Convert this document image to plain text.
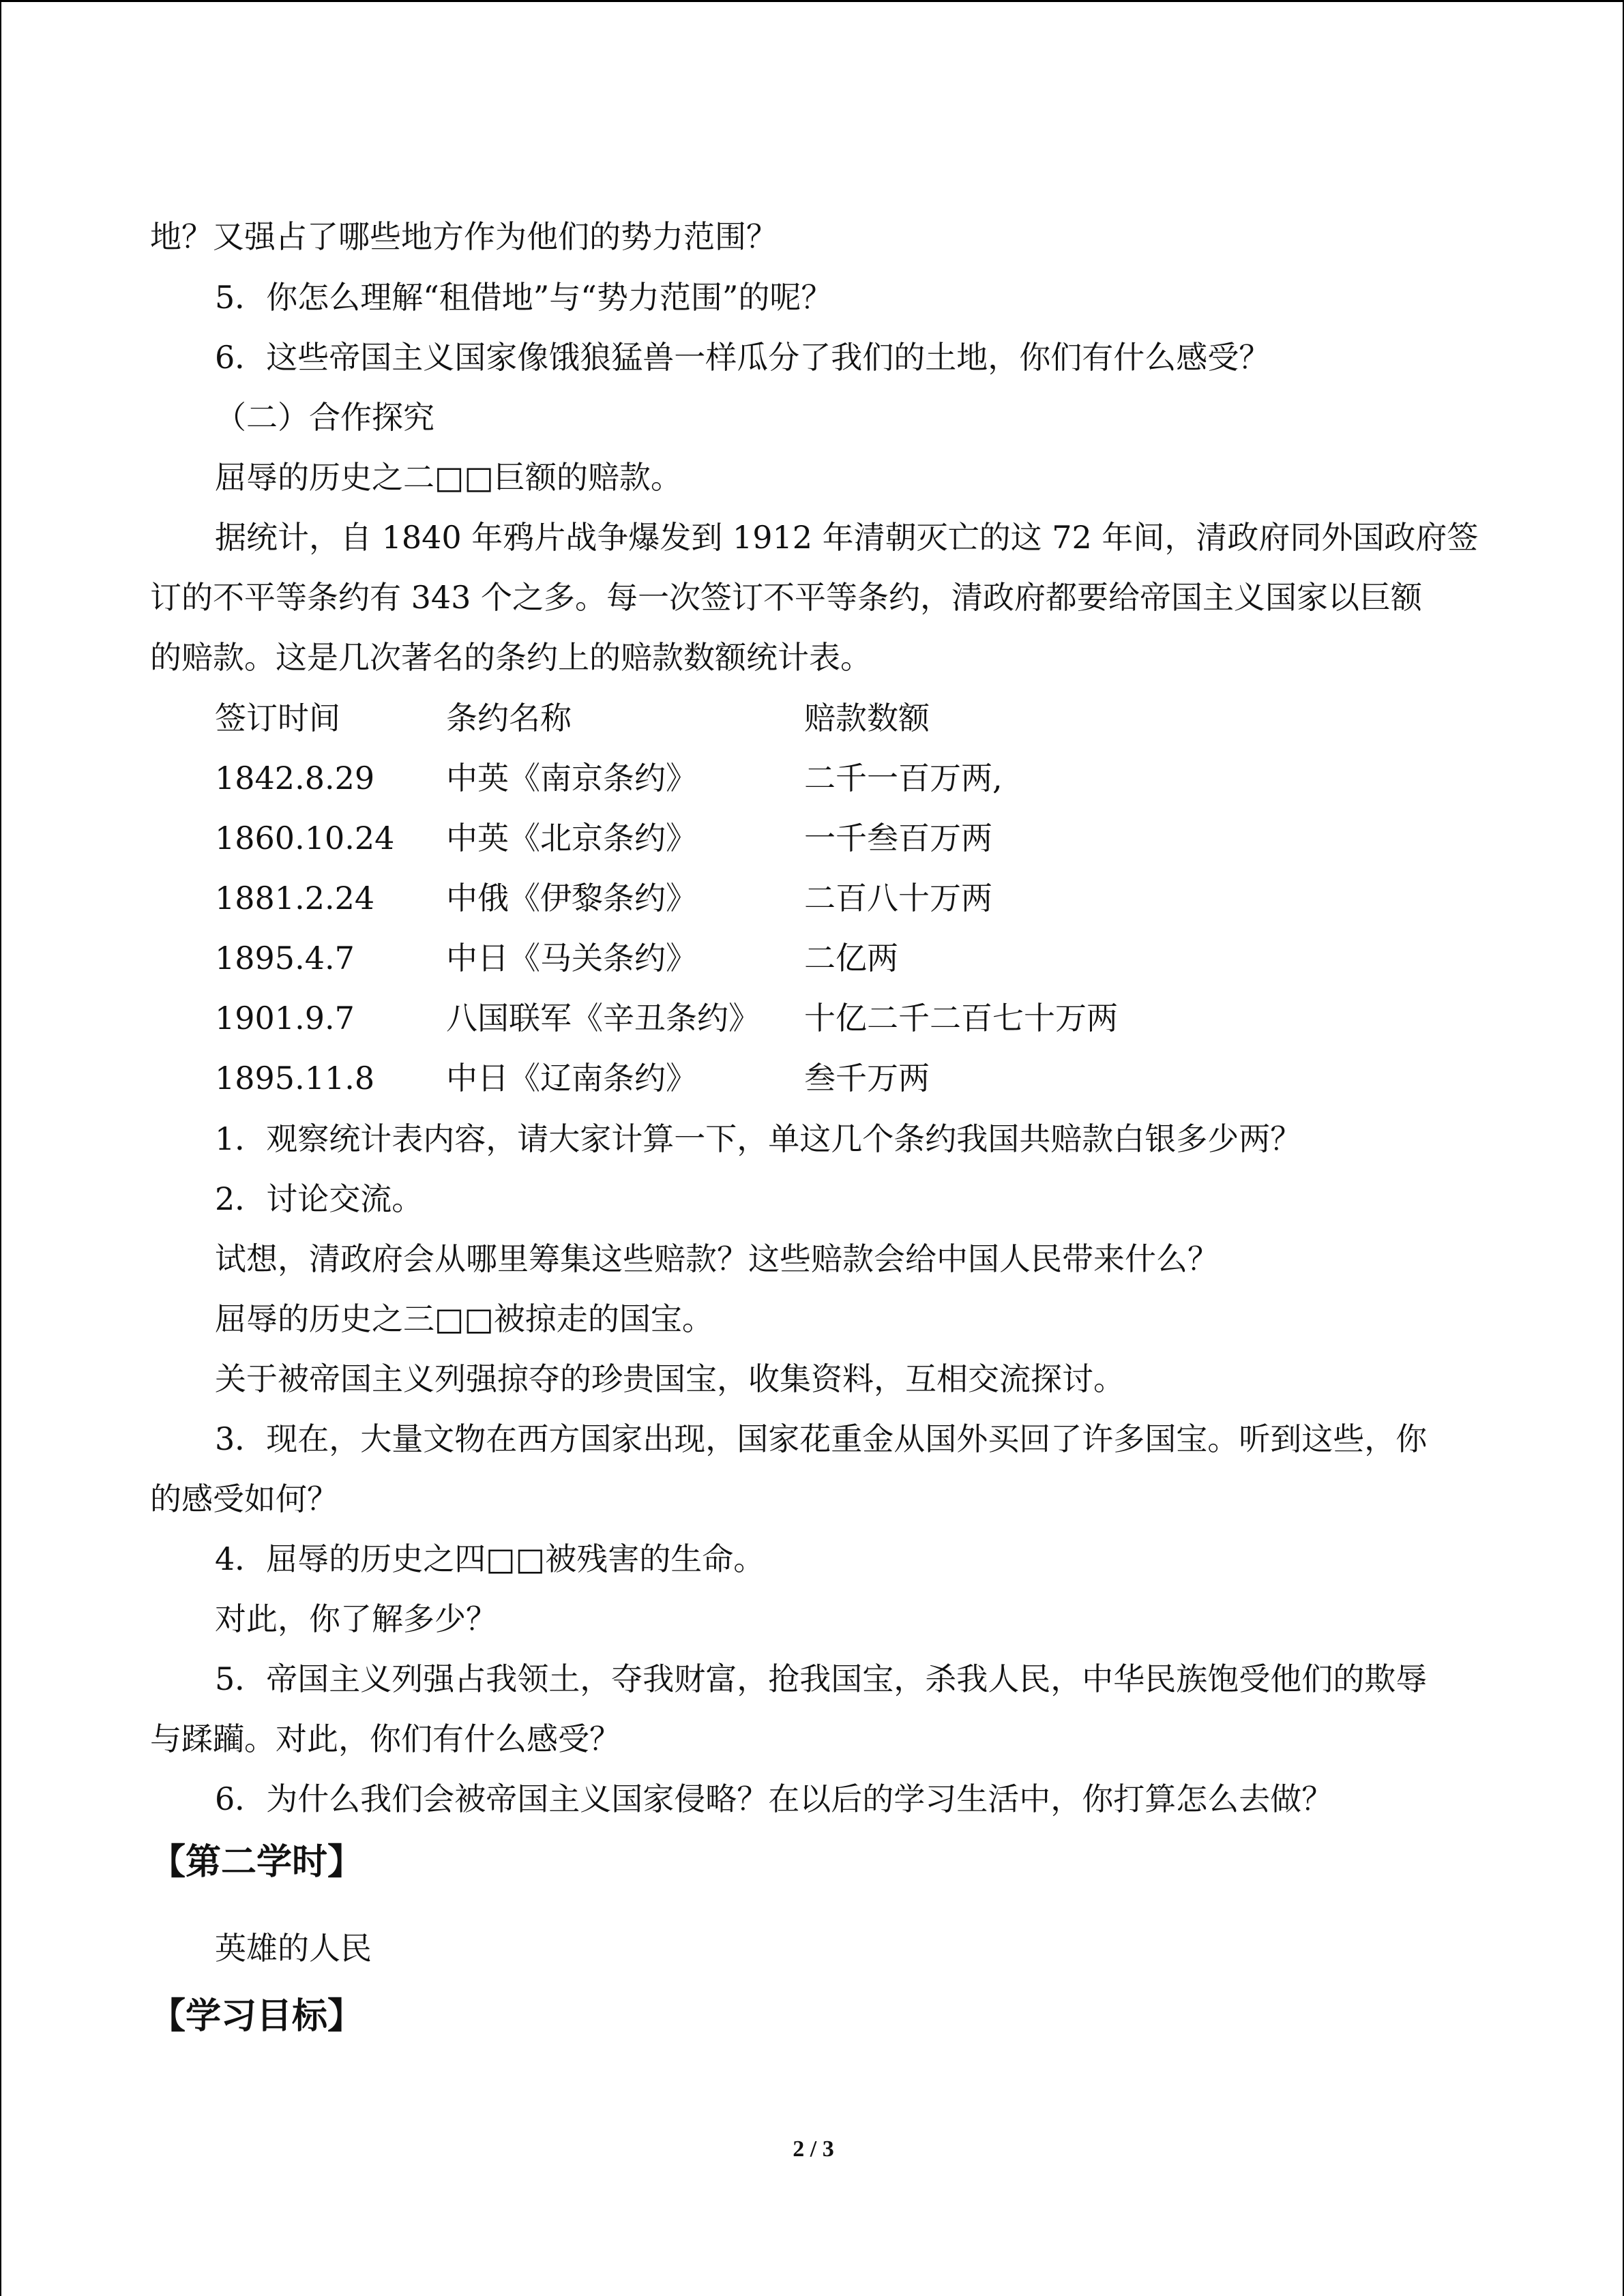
地？又强占了哪些地方作为他们的势力范围？
5．你怎么理解“租借地”与“势力范围”的呢？
6．这些帝国主义国家像饿狼猛兽一样瓜分了我们的土地，你们有什么感受？
（二）合作探究
屈辱的历史之二□□巨额的赔款。
据统计，自 1840 年鸦片战争爆发到 1912 年清朝灭亡的这 72 年间，清政府同外国政府签
订的不平等条约有 343 个之多。每一次签订不平等条约，清政府都要给帝国主义国家以巨额
的赔款。这是几次著名的条约上的赔款数额统计表。
签订时间	条约名称	赔款数额
1842.8.29 中英《南京条约》	二千一百万两,
1860.10.24 中英《北京条约》	一千叁百万两
1881.2.24 中俄《伊黎条约》	二百八十万两
1895.4.7	中日《马关条约》	二亿两
1901.9.7	八国联军《辛丑条约》 十亿二千二百七十万两
1895.11.8 中日《辽南条约》	叁千万两
1．观察统计表内容，请大家计算一下，单这几个条约我国共赔款白银多少两？
2．讨论交流。
试想，清政府会从哪里筹集这些赔款？这些赔款会给中国人民带来什么？
屈辱的历史之三□□被掠走的国宝。
关于被帝国主义列强掠夺的珍贵国宝，收集资料，互相交流探讨。
3．现在，大量文物在西方国家出现，国家花重金从国外买回了许多国宝。听到这些，你
的感受如何？
4．屈辱的历史之四□□被残害的生命。
对此，你了解多少？
5．帝国主义列强占我领土，夺我财富，抢我国宝，杀我人民，中华民族饱受他们的欺辱
与蹂躏。对此，你们有什么感受？
6．为什么我们会被帝国主义国家侵略？在以后的学习生活中，你打算怎么去做？
【第二学时】
英雄的人民
【学习目标】
2 / 3
